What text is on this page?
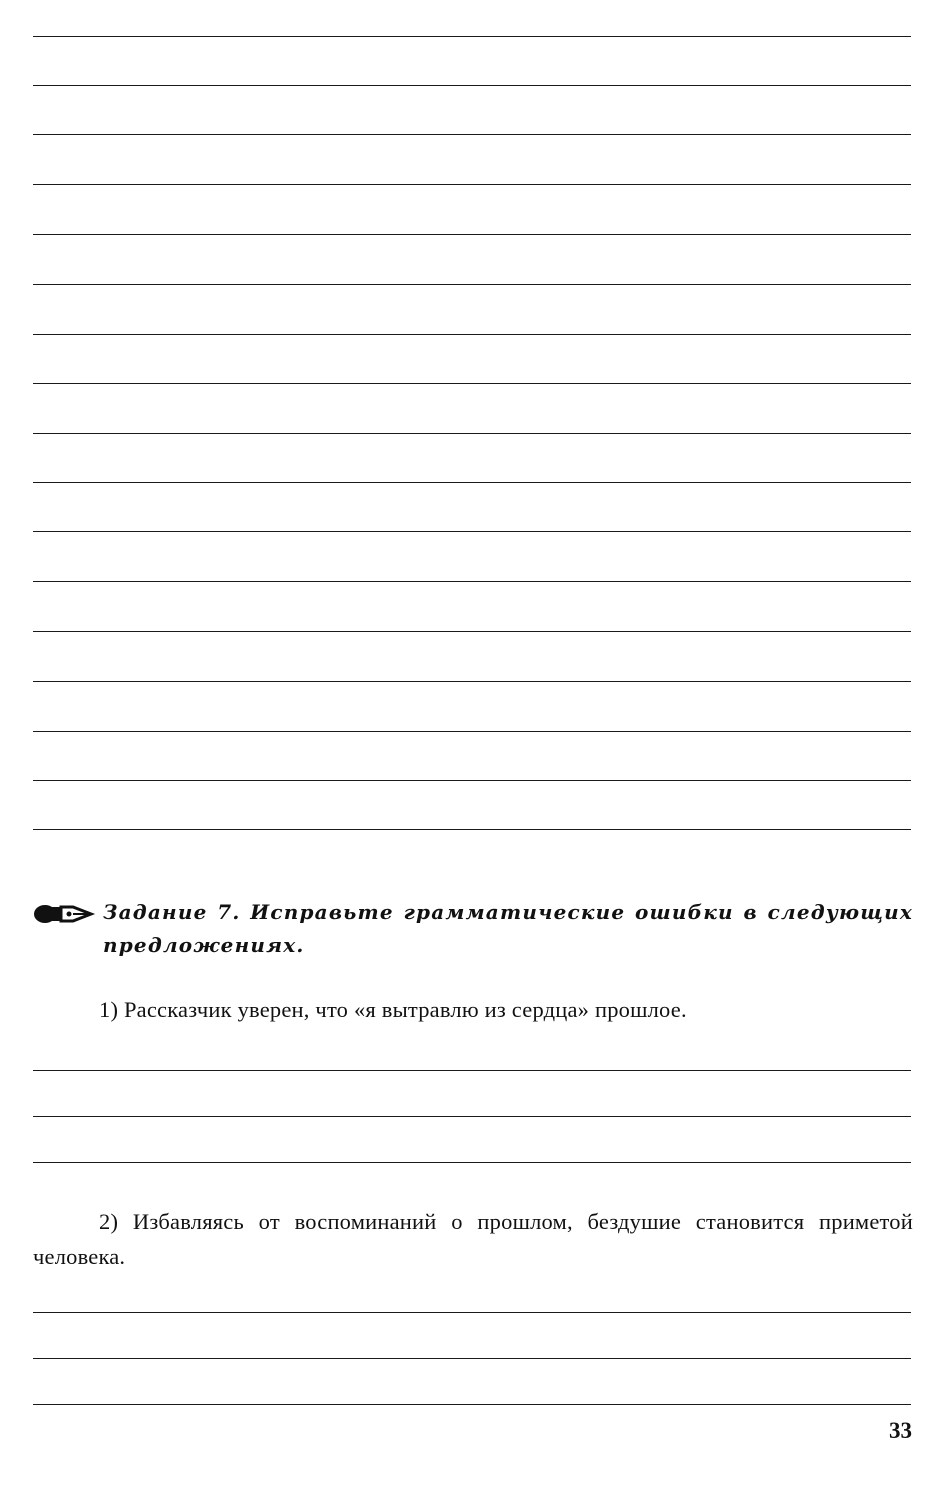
Задание 7. Исправьте грамматические ошибки в следующих предложениях.

1) Рассказчик уверен, что «я вытравлю из сердца» прошлое.

2) Избавляясь от воспоминаний о прошлом, бездушие становится приметой человека.

33
